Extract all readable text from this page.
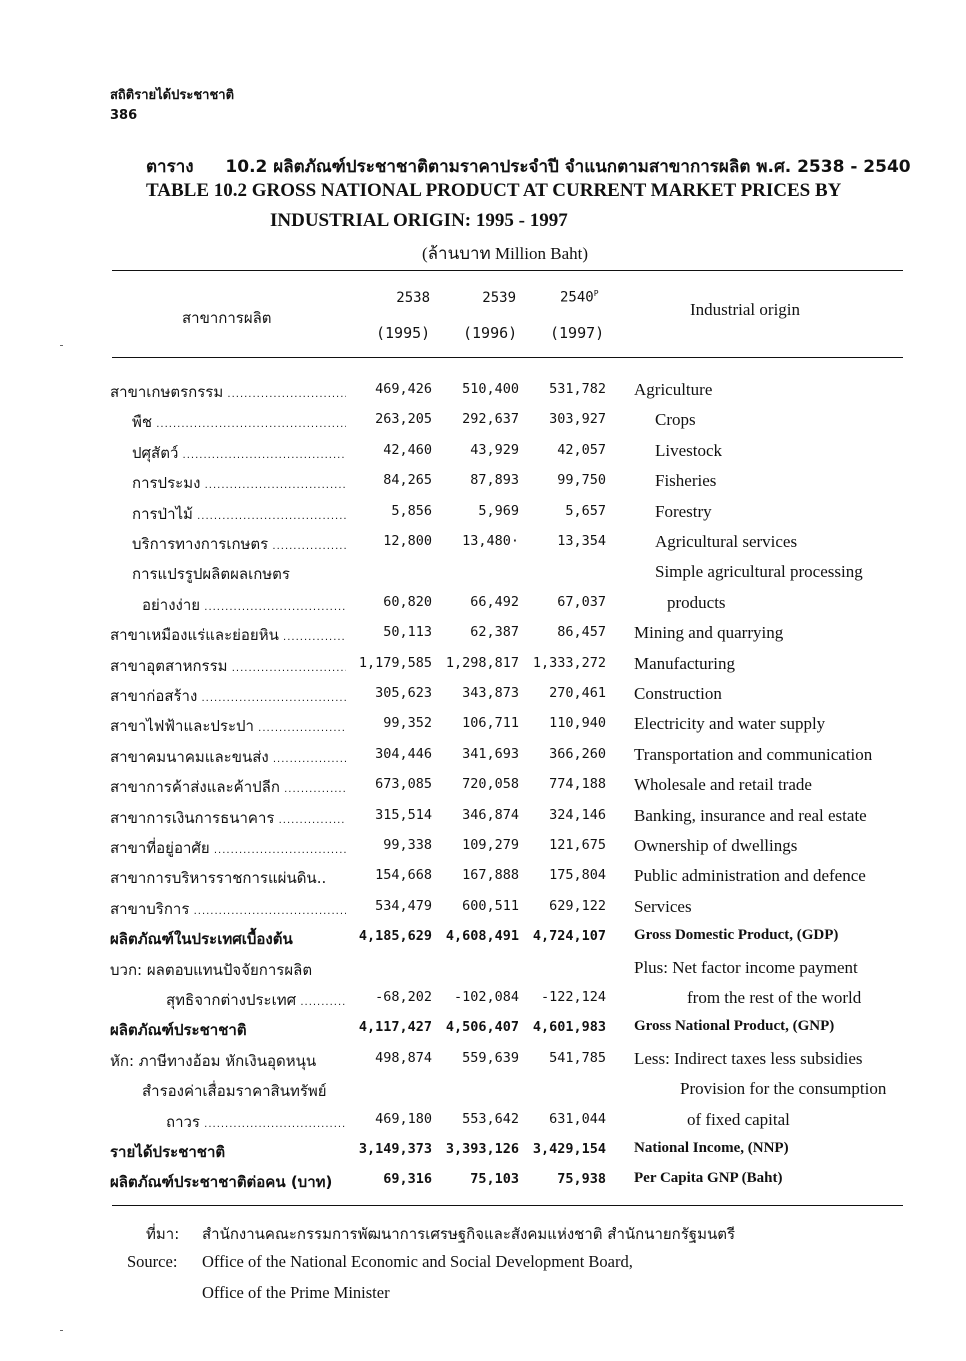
สถิติรายได้ประชาชาติ
386
ตาราง 10.2 ผลิตภัณฑ์ประชาชาติตามราคาประจำปี จำแนกตามสาขาการผลิต พ.ศ. 2538 - 2540
TABLE 10.2 GROSS NATIONAL PRODUCT AT CURRENT MARKET PRICES BY
INDUSTRIAL ORIGIN: 1995 - 1997
(ล้านบาท Million Baht)
สาขาการผลิต	Industrial origin
2538	2539	$2540^P$
(1995) (1996) (1997)
สาขาเกษตรกรรม .....	469,426	510,400	531,782 Agriculture
พืช .....	263,205	292,637	303,927	Crops
ปศุสัตว์ .....	42,460	43,929	42,057	Livestock
การประมง .....	84,265	87,893	99,750	Fisheries
การป่าไม้ .....	5,856	5,969	5,657	Forestry
บริการทางการเกษตร .....	12,800	13,480·	13,354	Agricultural services
การแปรรูปผลิตผลเกษตร	Simple agricultural processing
อย่างง่าย .....	60,820	66,492	67,037	products
สาขาเหมืองแร่และย่อยหิน .....	50,113	62,387	86,457 Mining and quarrying
สาขาอุตสาหกรรม .....	1,179,585	1,298,817	1,333,272 Manufacturing
สาขาก่อสร้าง .....	305,623	343,873	270,461 Construction
สาขาไฟฟ้าและประปา .....	99,352	106,711	110,940 Electricity and water supply
สาขาคมนาคมและขนส่ง .....	304,446	341,693	366,260 Transportation and communication
สาขาการค้าส่งและค้าปลีก .....	673,085	720,058	774,188 Wholesale and retail trade
สาขาการเงินการธนาคาร .....	315,514	346,874	324,146 Banking, insurance and real estate
สาขาที่อยู่อาศัย .....	99,338	109,279	121,675 Ownership of dwellings
สาขาการบริหารราชการแผ่นดิน..	154,668	167,888	175,804 Public administration and defence
สาขาบริการ .....	534,479	600,511	629,122 Services
ผลิตภัณฑ์ในประเทศเบื้องต้น	4,185,629	4,608,491	4,724,107 Gross Domestic Product, (GDP)
บวก: ผลตอบแทนปัจจัยการผลิต	Plus: Net factor income payment
สุทธิจากต่างประเทศ .....	-68,202	-102,084	-122,124	from the rest of the world
ผลิตภัณฑ์ประชาชาติ	4,117,427	4,506,407	4,601,983 Gross National Product, (GNP)
หัก: ภาษีทางอ้อม หักเงินอุดหนุน	498,874	559,639	541,785 Less: Indirect taxes less subsidies
สำรองค่าเสื่อมราคาสินทรัพย์	Provision for the consumption
ถาวร .....	469,180	553,642	631,044	of fixed capital
รายได้ประชาชาติ	3,149,373	3,393,126	3,429,154 National Income, (NNP)
ผลิตภัณฑ์ประชาชาติต่อคน (บาท)	69,316	75,103	75,938 Per Capita GNP (Baht)
ที่มา: สำนักงานคณะกรรมการพัฒนาการเศรษฐกิจและสังคมแห่งชาติ สำนักนายกรัฐมนตรี
Source: Office of the National Economic and Social Development Board,
Office of the Prime Minister
